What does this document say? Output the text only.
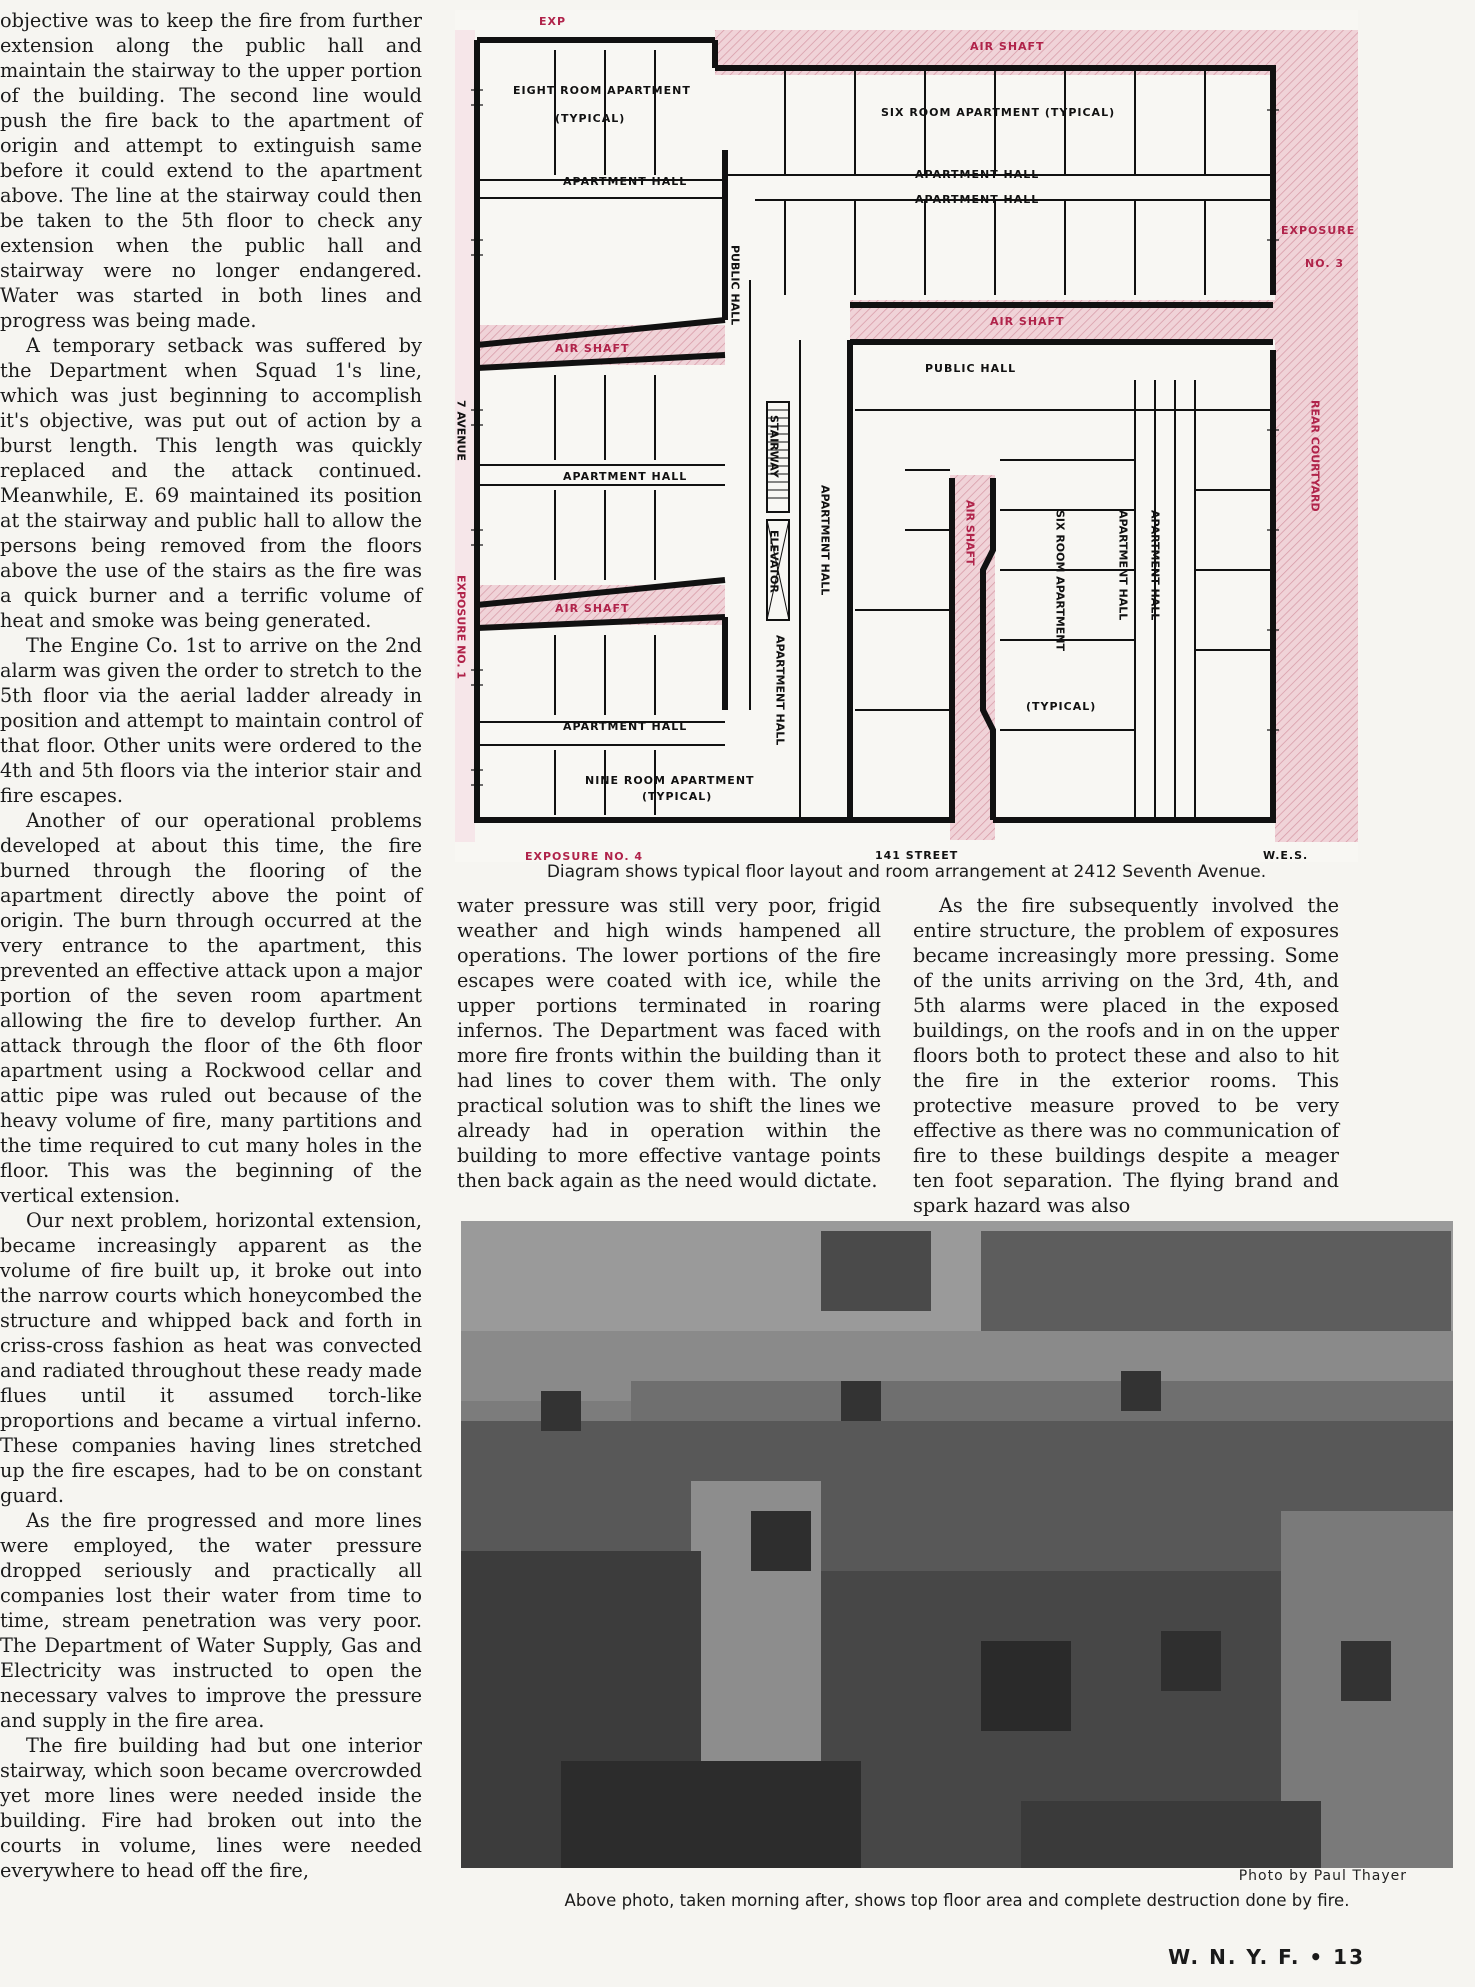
objective was to keep the fire from further extension along the public hall and maintain the stairway to the upper portion of the building. The second line would push the fire back to the apartment of origin and attempt to extinguish same before it could extend to the apartment above. The line at the stairway could then be taken to the 5th floor to check any extension when the public hall and stairway were no longer endangered. Water was started in both lines and progress was being made.

A temporary setback was suffered by the Department when Squad 1's line, which was just beginning to accomplish it's objective, was put out of action by a burst length. This length was quickly replaced and the attack continued. Meanwhile, E. 69 maintained its position at the stairway and public hall to allow the persons being removed from the floors above the use of the stairs as the fire was a quick burner and a terrific volume of heat and smoke was being generated.

The Engine Co. 1st to arrive on the 2nd alarm was given the order to stretch to the 5th floor via the aerial ladder already in position and attempt to maintain control of that floor. Other units were ordered to the 4th and 5th floors via the interior stair and fire escapes.

Another of our operational problems developed at about this time, the fire burned through the flooring of the apartment directly above the point of origin. The burn through occurred at the very entrance to the apartment, this prevented an effective attack upon a major portion of the seven room apartment allowing the fire to develop further. An attack through the floor of the 6th floor apartment using a Rockwood cellar and attic pipe was ruled out because of the heavy volume of fire, many partitions and the time required to cut many holes in the floor. This was the beginning of the vertical extension.

Our next problem, horizontal extension, became increasingly apparent as the volume of fire built up, it broke out into the narrow courts which honeycombed the structure and whipped back and forth in criss-cross fashion as heat was convected and radiated throughout these ready made flues until it assumed torch-like proportions and became a virtual inferno. These companies having lines stretched up the fire escapes, had to be on constant guard.

As the fire progressed and more lines were employed, the water pressure dropped seriously and practically all companies lost their water from time to time, stream penetration was very poor. The Department of Water Supply, Gas and Electricity was instructed to open the necessary valves to improve the pressure and supply in the fire area.

The fire building had but one interior stairway, which soon became overcrowded yet more lines were needed inside the building. Fire had broken out into the courts in volume, lines were needed everywhere to head off the fire,

EXP
AIR SHAFT
EIGHT ROOM APARTMENT
(TYPICAL)	SIX ROOM APARTMENT (TYPICAL)
APARTMENT HALL
APARTMENT HALL
APARTMENT HALL
PUBLIC HALL
EXPOSURE
NO. 3
AIR SHAFT
AIR SHAFT
PUBLIC HALL
7 AVENUE	REAR COURTYARD
APARTMENT HALL	STAIRWAY
ELEVATOR	APARTMENT HALL	AIR SHAFT	SIX ROOM APARTMENT	APARTMENT HALL APARTMENT HALL
AIR SHAFT
EXPOSURE NO. 1
APARTMENT HALL	(TYPICAL)
APARTMENT HALL
NINE ROOM APARTMENT
(TYPICAL)
EXPOSURE NO. 4	141 STREET	W.E.S.
Diagram shows typical floor layout and room arrangement at 2412 Seventh Avenue.

water pressure was still very poor, frigid weather and high winds hampened all operations. The lower portions of the fire escapes were coated with ice, while the upper portions terminated in roaring infernos. The Department was faced with more fire fronts within the building than it had lines to cover them with. The only practical solution was to shift the lines we already had in operation within the building to more effective vantage points then back again as the need would dictate.

As the fire subsequently involved the entire structure, the problem of exposures became increasingly more pressing. Some of the units arriving on the 3rd, 4th, and 5th alarms were placed in the exposed buildings, on the roofs and in on the upper floors both to protect these and also to hit the fire in the exterior rooms. This protective measure proved to be very effective as there was no communication of fire to these buildings despite a meager ten foot separation. The flying brand and spark hazard was also

Photo by Paul Thayer
Above photo, taken morning after, shows top floor area and complete destruction done by fire.
W. N. Y. F. • 13
